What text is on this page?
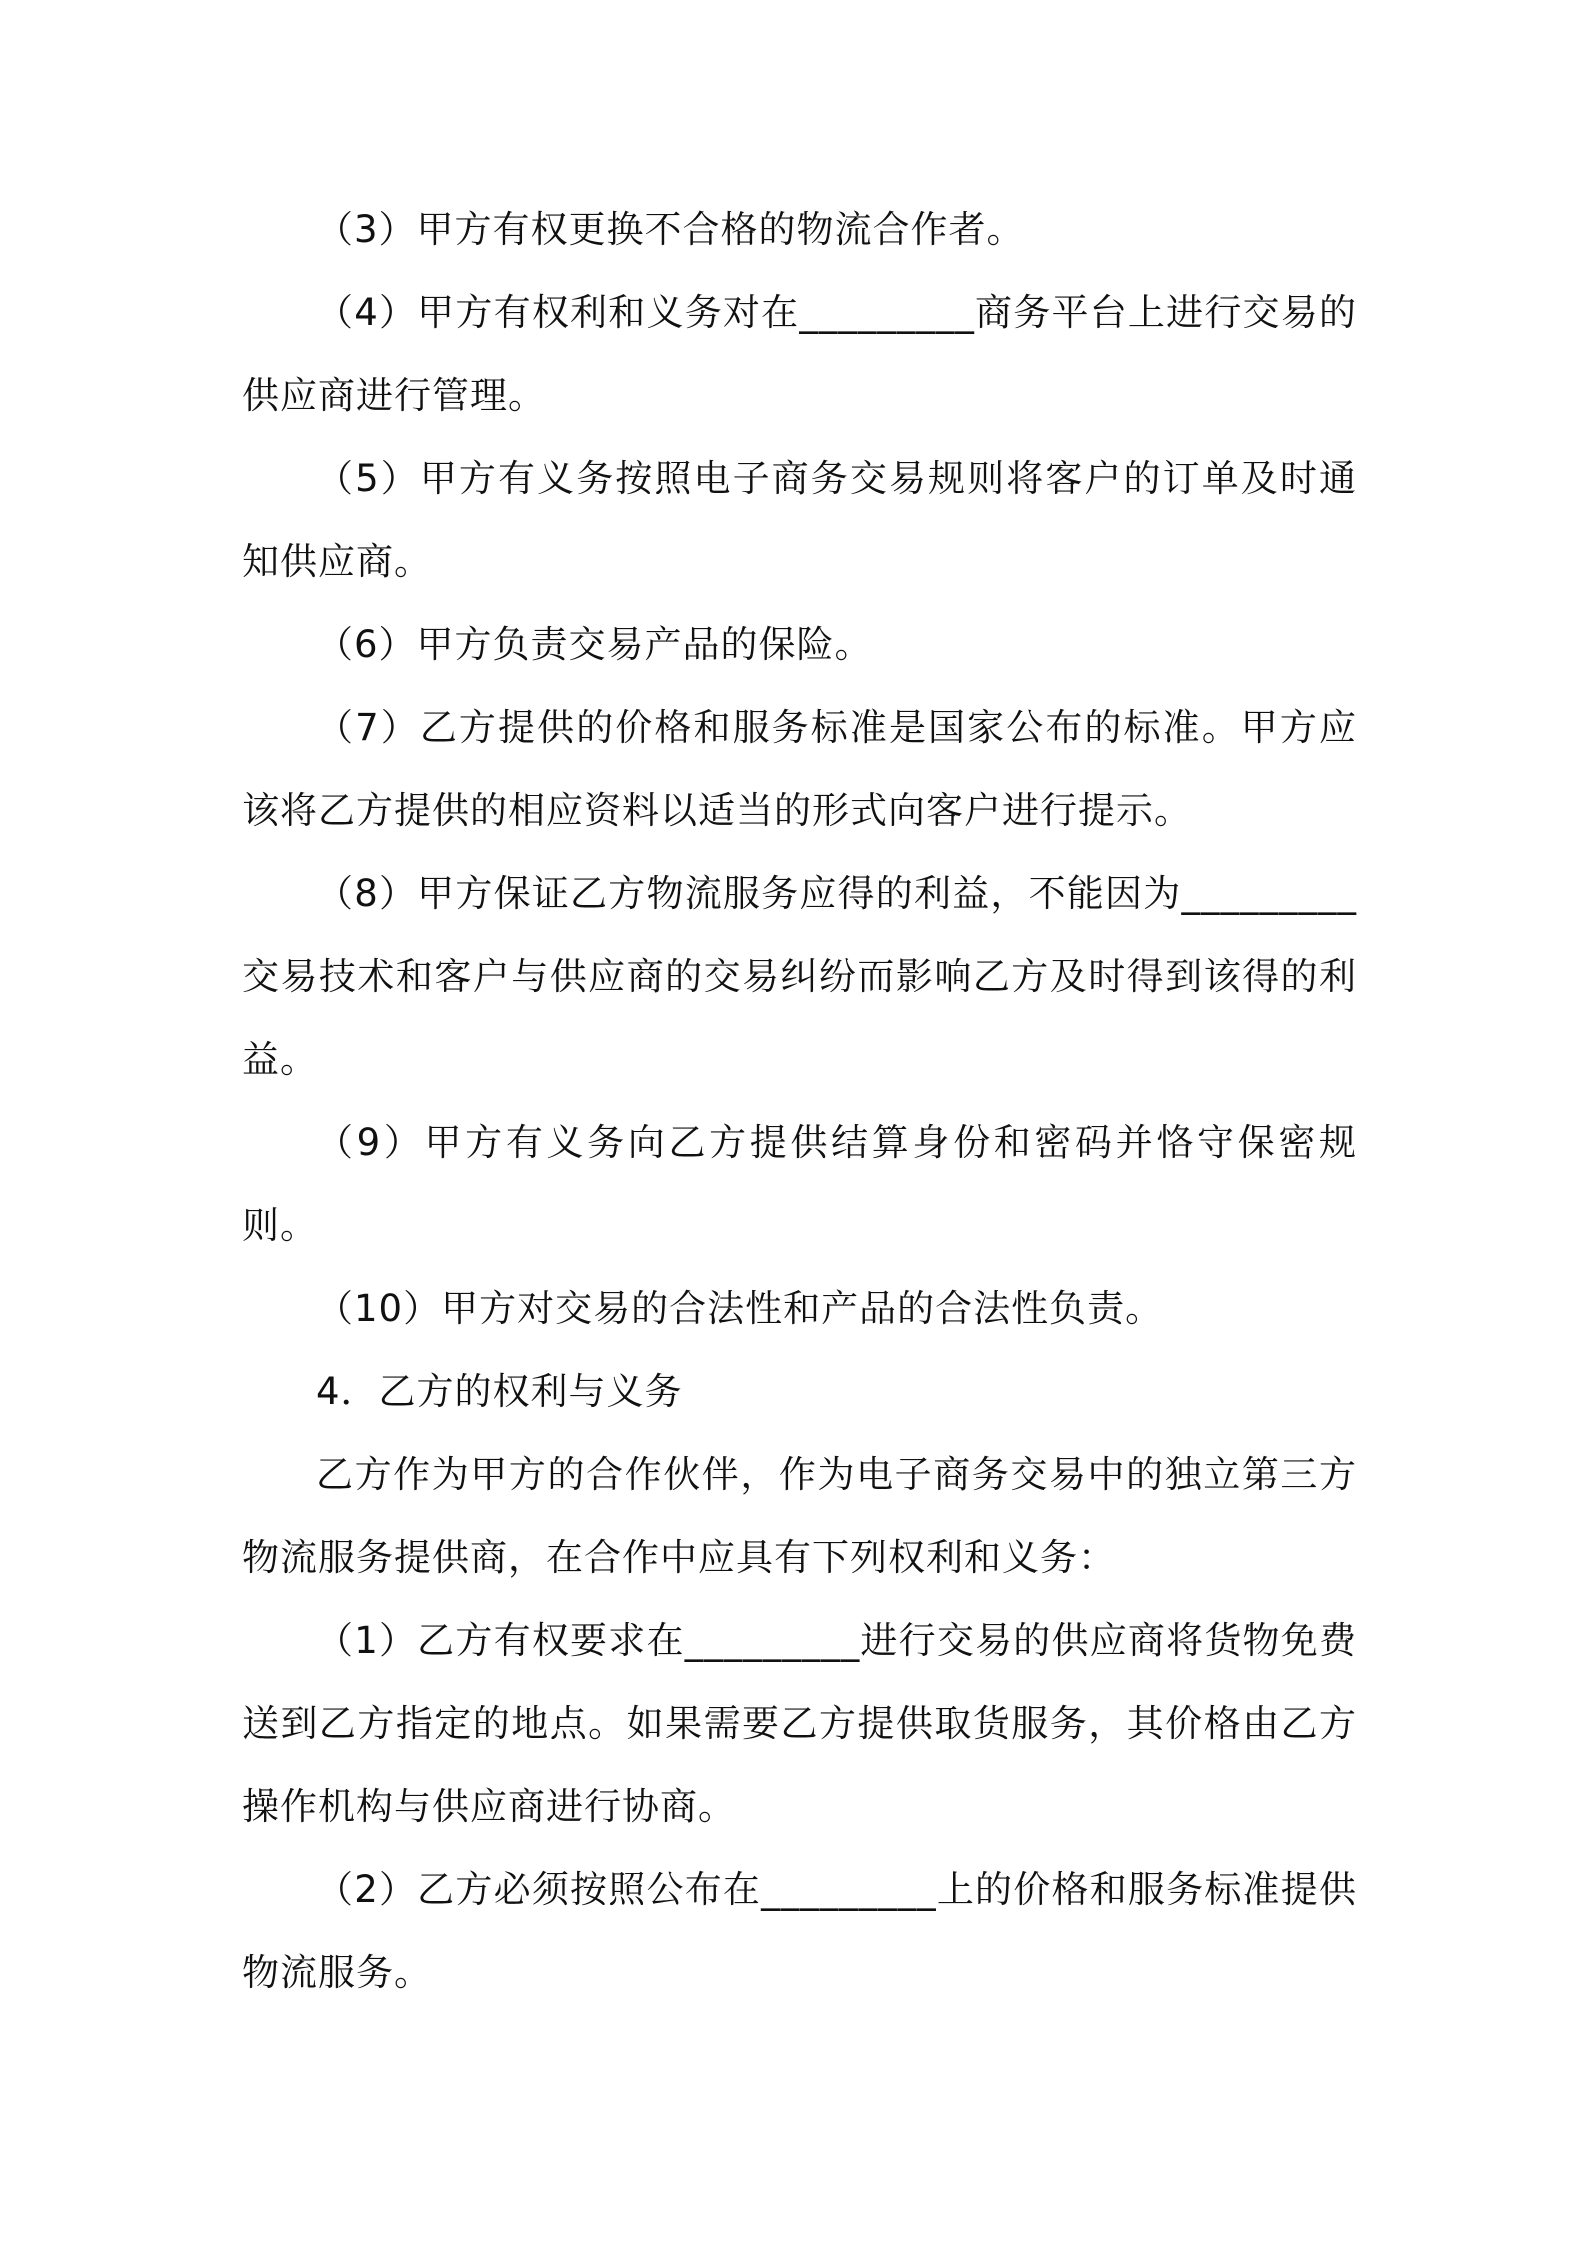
（3）甲方有权更换不合格的物流合作者。

（4）甲方有权利和义务对在_________商务平台上进行交易的供应商进行管理。

（5）甲方有义务按照电子商务交易规则将客户的订单及时通知供应商。

（6）甲方负责交易产品的保险。

（7）乙方提供的价格和服务标准是国家公布的标准。甲方应该将乙方提供的相应资料以适当的形式向客户进行提示。

（8）甲方保证乙方物流服务应得的利益，不能因为_________交易技术和客户与供应商的交易纠纷而影响乙方及时得到该得的利益。

（9）甲方有义务向乙方提供结算身份和密码并恪守保密规则。

（10）甲方对交易的合法性和产品的合法性负责。

4．乙方的权利与义务

乙方作为甲方的合作伙伴，作为电子商务交易中的独立第三方物流服务提供商，在合作中应具有下列权利和义务：

（1）乙方有权要求在_________进行交易的供应商将货物免费送到乙方指定的地点。如果需要乙方提供取货服务，其价格由乙方操作机构与供应商进行协商。

（2）乙方必须按照公布在_________上的价格和服务标准提供物流服务。
